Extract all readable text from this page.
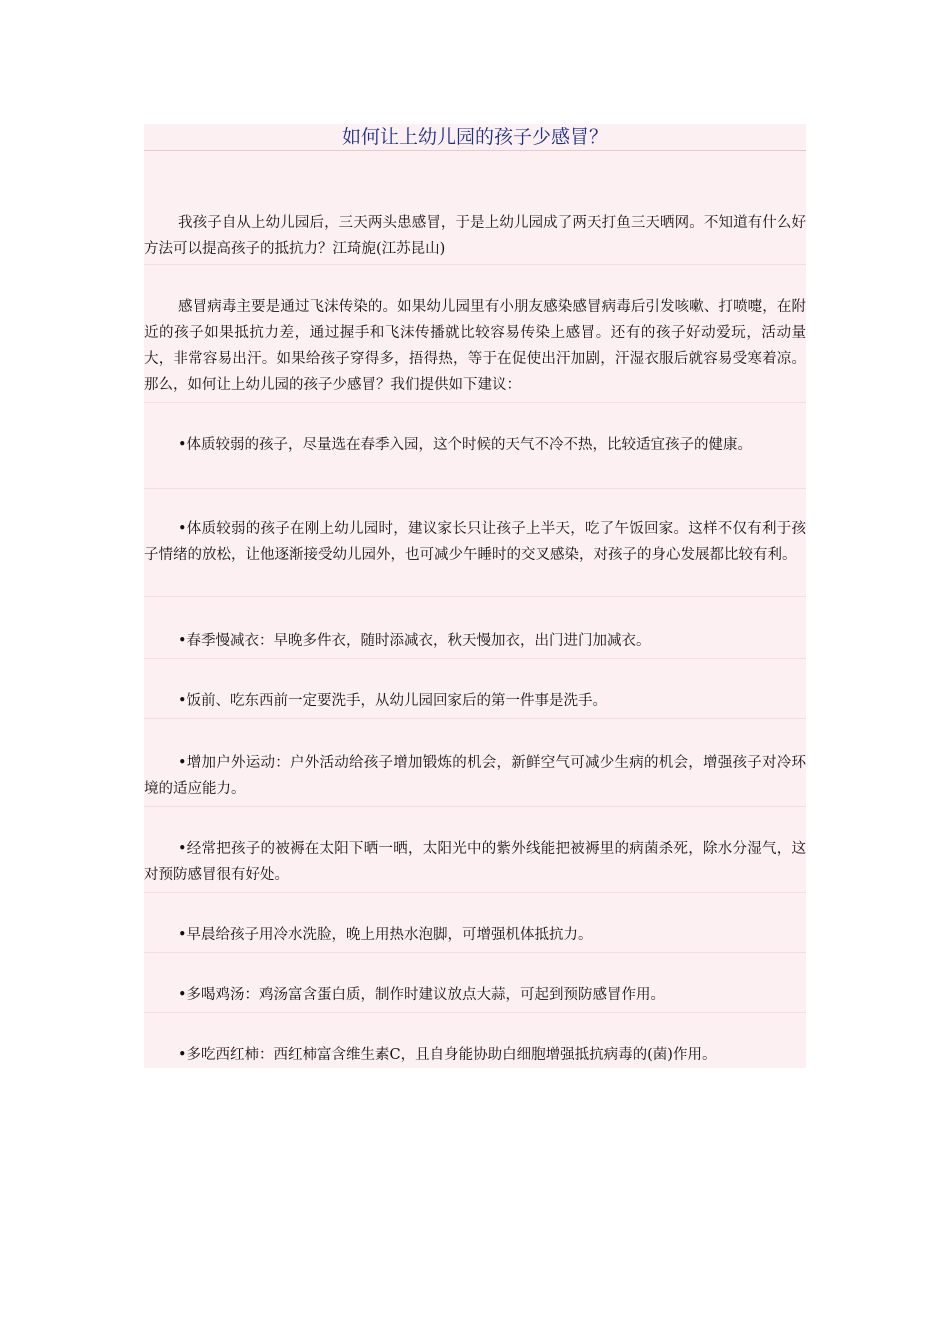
如何让上幼儿园的孩子少感冒？

我孩子自从上幼儿园后，三天两头患感冒，于是上幼儿园成了两天打鱼三天晒网。不知道有什么好方法可以提高孩子的抵抗力？江琦旎(江苏昆山)

感冒病毒主要是通过飞沫传染的。如果幼儿园里有小朋友感染感冒病毒后引发咳嗽、打喷嚏，在附近的孩子如果抵抗力差，通过握手和飞沫传播就比较容易传染上感冒。还有的孩子好动爱玩，活动量大，非常容易出汗。如果给孩子穿得多，捂得热，等于在促使出汗加剧，汗湿衣服后就容易受寒着凉。那么，如何让上幼儿园的孩子少感冒？我们提供如下建议：

•体质较弱的孩子，尽量选在春季入园，这个时候的天气不冷不热，比较适宜孩子的健康。

•体质较弱的孩子在刚上幼儿园时，建议家长只让孩子上半天，吃了午饭回家。这样不仅有利于孩子情绪的放松，让他逐渐接受幼儿园外，也可减少午睡时的交叉感染，对孩子的身心发展都比较有利。

•春季慢减衣：早晚多件衣，随时添减衣，秋天慢加衣，出门进门加减衣。

•饭前、吃东西前一定要洗手，从幼儿园回家后的第一件事是洗手。

•增加户外运动：户外活动给孩子增加锻炼的机会，新鲜空气可减少生病的机会，增强孩子对冷环境的适应能力。

•经常把孩子的被褥在太阳下晒一晒，太阳光中的紫外线能把被褥里的病菌杀死，除水分湿气，这对预防感冒很有好处。

•早晨给孩子用冷水洗脸，晚上用热水泡脚，可增强机体抵抗力。

•多喝鸡汤：鸡汤富含蛋白质，制作时建议放点大蒜，可起到预防感冒作用。

•多吃西红柿：西红柿富含维生素C，且自身能协助白细胞增强抵抗病毒的(菌)作用。
